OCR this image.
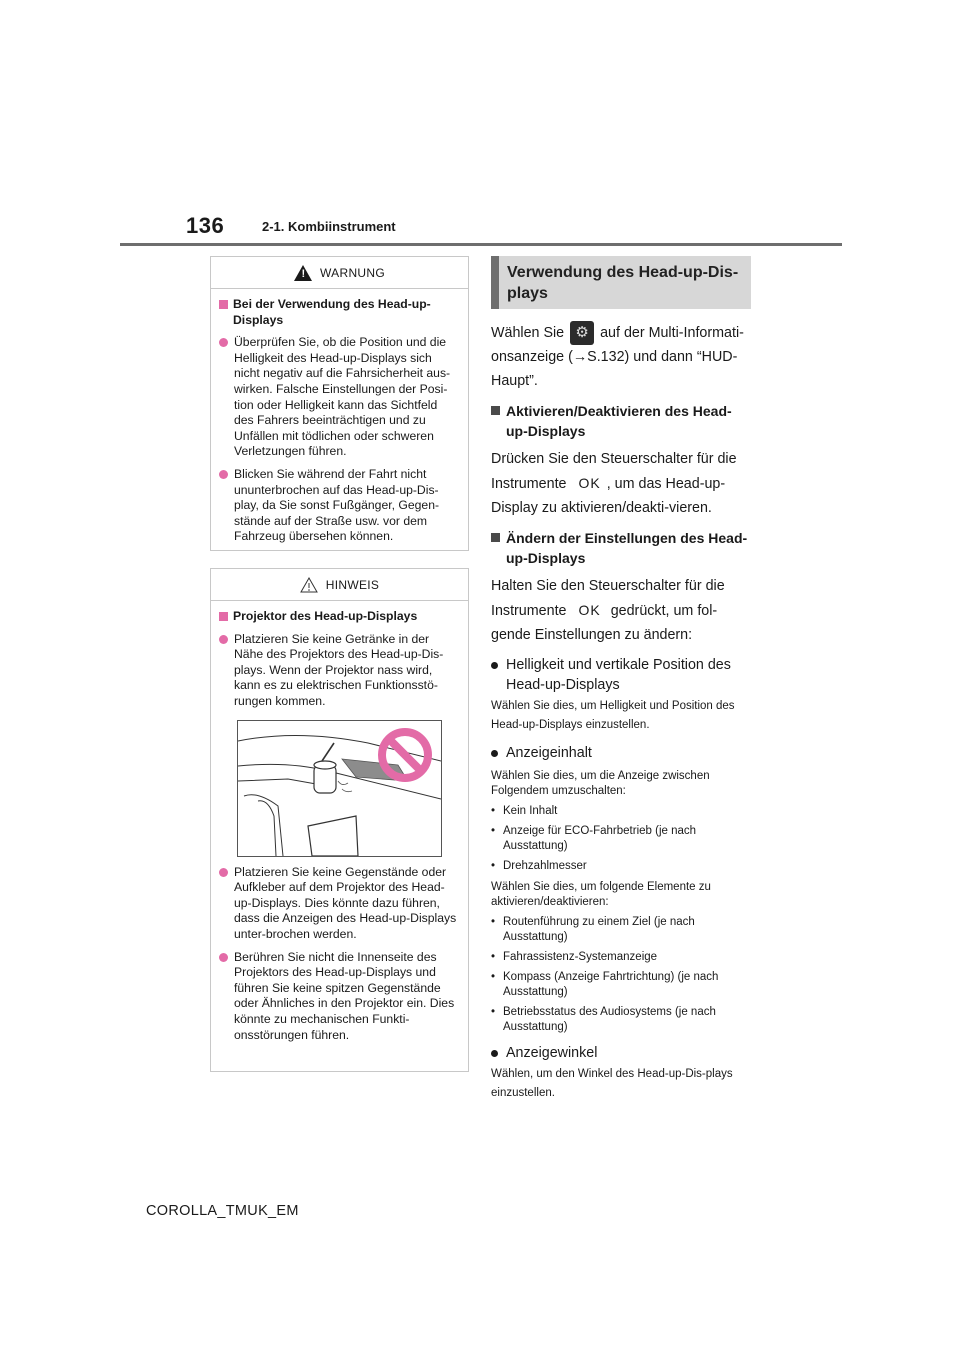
136	2-1. Kombiinstrument
! WARNUNG
Bei der Verwendung des Head-up-Displays
Überprüfen Sie, ob die Position und die Helligkeit des Head-up-Displays sich nicht negativ auf die Fahrsicherheit aus-wirken. Falsche Einstellungen der Posi-tion oder Helligkeit kann das Sichtfeld des Fahrers beeinträchtigen und zu Unfällen mit tödlichen oder schweren Verletzungen führen.
Blicken Sie während der Fahrt nicht ununterbrochen auf das Head-up-Dis-play, da Sie sonst Fußgänger, Gegen-stände auf der Straße usw. vor dem Fahrzeug übersehen können.
HINWEIS
Projektor des Head-up-Displays
Platzieren Sie keine Getränke in der Nähe des Projektors des Head-up-Dis-plays. Wenn der Projektor nass wird, kann es zu elektrischen Funktionsstö-rungen kommen.
Platzieren Sie keine Gegenstände oder Aufkleber auf dem Projektor des Head-up-Displays. Dies könnte dazu führen, dass die Anzeigen des Head-up-Displays unter-brochen werden.
Berühren Sie nicht die Innenseite des Projektors des Head-up-Displays und führen Sie keine spitzen Gegenstände oder Ähnliches in den Projektor ein. Dies könnte zu mechanischen Funkti-onsstörungen führen.
Verwendung des Head-up-Dis-plays
Wählen Sie ⚙ auf der Multi-Informati-onsanzeige (→S.132) und dann “HUD-Haupt”.
Aktivieren/Deaktivieren des Head-up-Displays
Drücken Sie den Steuerschalter für die Instrumente OK , um das Head-up-Display zu aktivieren/deakti-vieren.
Ändern der Einstellungen des Head-up-Displays
Halten Sie den Steuerschalter für die Instrumente OK gedrückt, um fol-gende Einstellungen zu ändern:
Helligkeit und vertikale Position des Head-up-Displays
Wählen Sie dies, um Helligkeit und Position des Head-up-Displays einzustellen.
Anzeigeinhalt
Wählen Sie dies, um die Anzeige zwischen Folgendem umzuschalten:
• Kein Inhalt
• Anzeige für ECO-Fahrbetrieb (je nach Ausstattung)
• Drehzahlmesser
Wählen Sie dies, um folgende Elemente zu aktivieren/deaktivieren:
• Routenführung zu einem Ziel (je nach Ausstattung)
• Fahrassistenz-Systemanzeige
• Kompass (Anzeige Fahrtrichtung) (je nach Ausstattung)
• Betriebsstatus des Audiosystems (je nach Ausstattung)
Anzeigewinkel
Wählen, um den Winkel des Head-up-Dis-plays einzustellen.
COROLLA_TMUK_EM
